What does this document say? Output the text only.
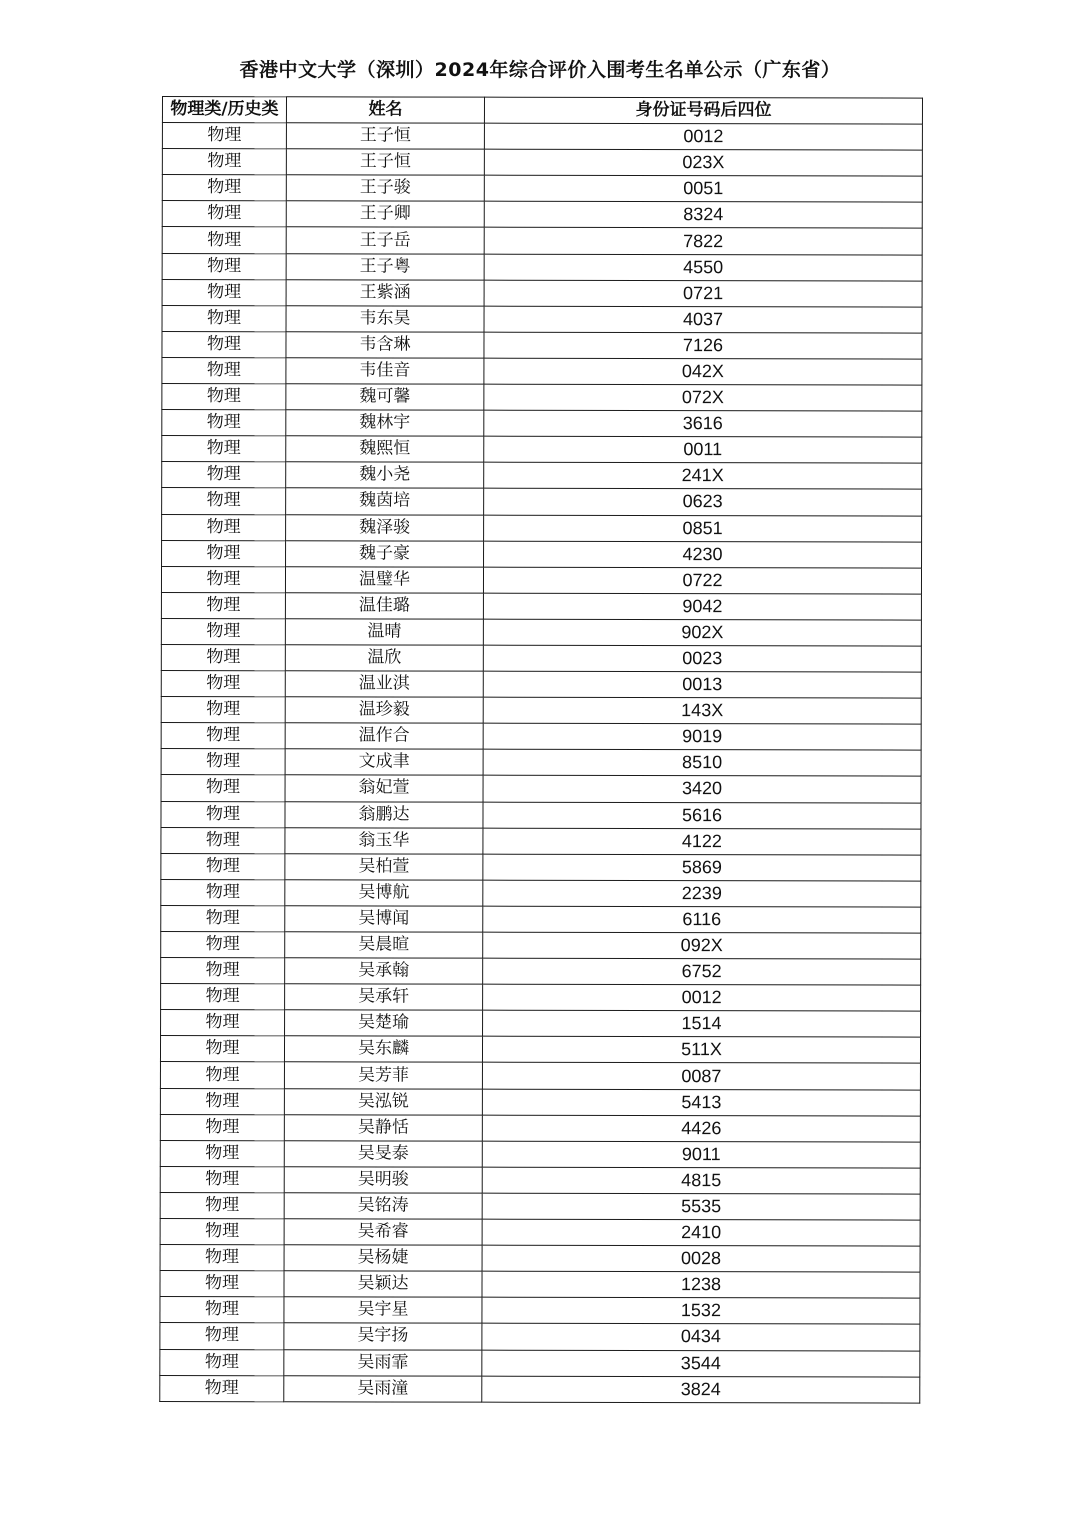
香港中文大学（深圳）2024年综合评价入围考生名单公示（广东省）
物理类/历史类	姓名	身份证号码后四位
物理	王子恒	0012
物理	王子恒	023X
物理	王子骏	0051
物理	王子卿	8324
物理	王子岳	7822
物理	王子粤	4550
物理	王紫涵	0721
物理	韦东昊	4037
物理	韦含琳	7126
物理	韦佳音	042X
物理	魏可馨	072X
物理	魏林宇	3616
物理	魏熙恒	0011
物理	魏小尧	241X
物理	魏茵培	0623
物理	魏泽骏	0851
物理	魏子豪	4230
物理	温璧华	0722
物理	温佳璐	9042
物理	温晴	902X
物理	温欣	0023
物理	温业淇	0013
物理	温珍毅	143X
物理	温作合	9019
物理	文成聿	8510
物理	翁妃萱	3420
物理	翁鹏达	5616
物理	翁玉华	4122
物理	吴柏萱	5869
物理	吴博航	2239
物理	吴博闻	6116
物理	吴晨暄	092X
物理	吴承翰	6752
物理	吴承轩	0012
物理	吴楚瑜	1514
物理	吴东麟	511X
物理	吴芳菲	0087
物理	吴泓锐	5413
物理	吴静恬	4426
物理	吴旻泰	9011
物理	吴明骏	4815
物理	吴铭涛	5535
物理	吴希睿	2410
物理	吴杨婕	0028
物理	吴颖达	1238
物理	吴宇星	1532
物理	吴宇扬	0434
物理	吴雨霏	3544
物理	吴雨潼	3824
